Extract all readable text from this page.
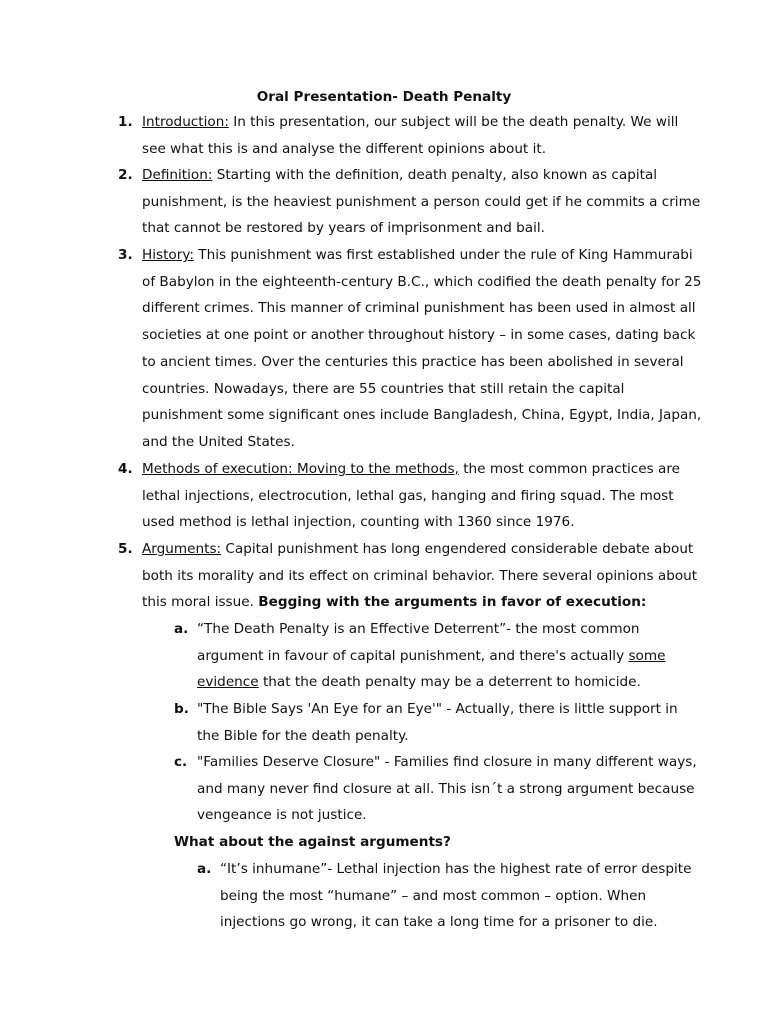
Oral Presentation- Death Penalty
1. Introduction: In this presentation, our subject will be the death penalty. We will
see what this is and analyse the different opinions about it.
2. Definition: Starting with the definition, death penalty, also known as capital
punishment, is the heaviest punishment a person could get if he commits a crime
that cannot be restored by years of imprisonment and bail.
3. History: This punishment was first established under the rule of King Hammurabi
of Babylon in the eighteenth-century B.C., which codified the death penalty for 25
different crimes. This manner of criminal punishment has been used in almost all
societies at one point or another throughout history – in some cases, dating back
to ancient times. Over the centuries this practice has been abolished in several
countries. Nowadays, there are 55 countries that still retain the capital
punishment some significant ones include Bangladesh, China, Egypt, India, Japan,
and the United States.
4. Methods of execution: Moving to the methods, the most common practices are
lethal injections, electrocution, lethal gas, hanging and firing squad. The most
used method is lethal injection, counting with 1360 since 1976.
5. Arguments: Capital punishment has long engendered considerable debate about
both its morality and its effect on criminal behavior. There several opinions about
this moral issue. Begging with the arguments in favor of execution:
a. “The Death Penalty is an Effective Deterrent”- the most common
argument in favour of capital punishment, and there's actually some
evidence that the death penalty may be a deterrent to homicide.
b. "The Bible Says 'An Eye for an Eye'" - Actually, there is little support in
the Bible for the death penalty.
c. "Families Deserve Closure" - Families find closure in many different ways,
and many never find closure at all. This isn´t a strong argument because
vengeance is not justice.
What about the against arguments?
a. “It’s inhumane”- Lethal injection has the highest rate of error despite
being the most “humane” – and most common – option. When
injections go wrong, it can take a long time for a prisoner to die.
